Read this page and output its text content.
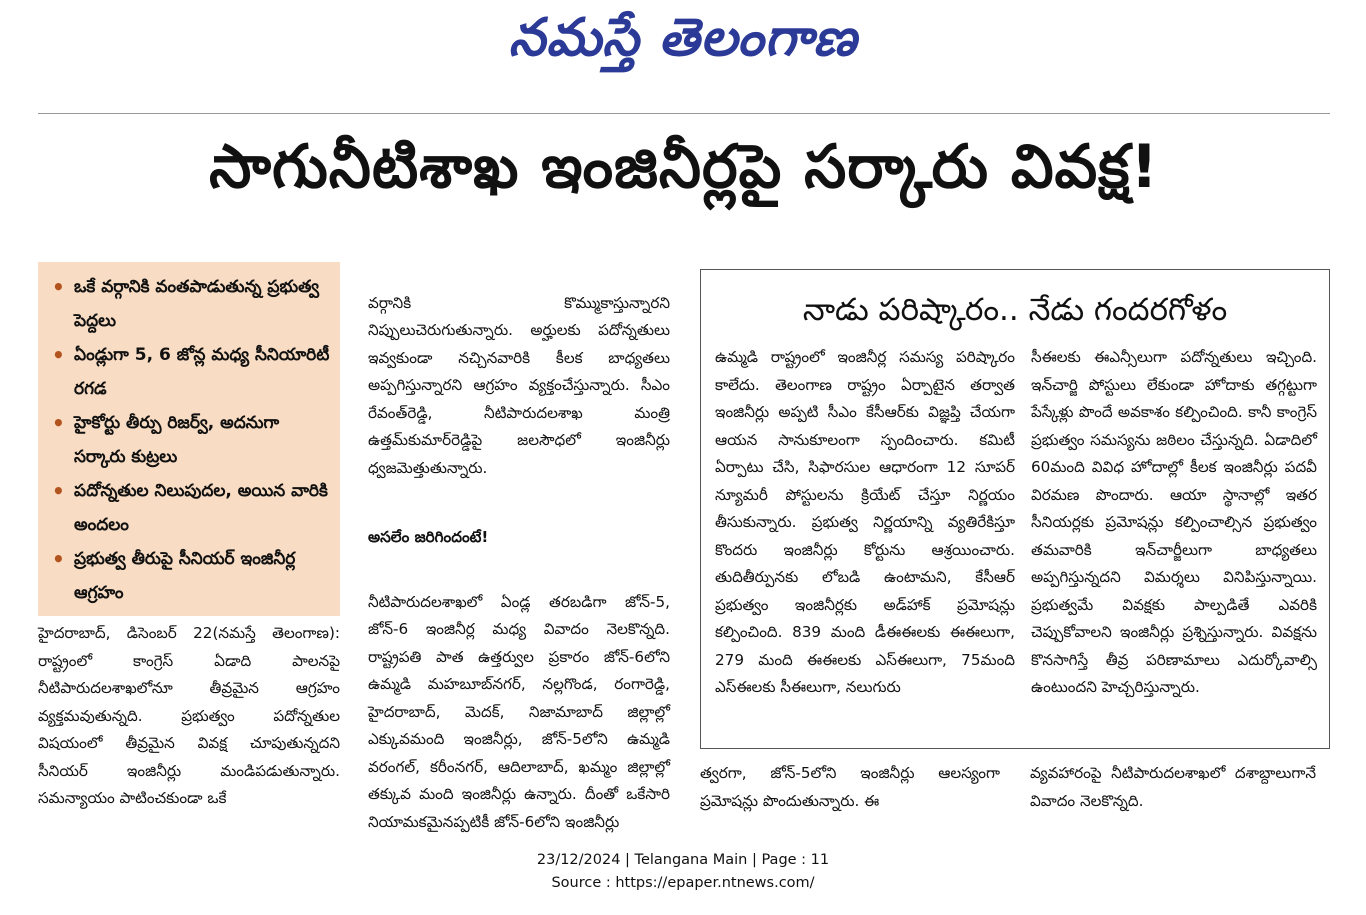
నమస్తే తెలంగాణ
సాగునీటిశాఖ ఇంజినీర్లపై సర్కారు వివక్ష!
• ఒకే వర్గానికి వంతపాడుతున్న ప్రభుత్వ పెద్దలు
• ఏండ్లుగా 5, 6 జోన్ల మధ్య సీనియారిటీ రగడ
• హైకోర్టు తీర్పు రిజర్వ్, అదనుగా సర్కారు కుట్రలు
• పదోన్నతుల నిలుపుదల, అయిన వారికి అందలం
• ప్రభుత్వ తీరుపై సీనియర్ ఇంజినీర్ల ఆగ్రహం
హైదరాబాద్, డిసెంబర్ 22(నమస్తే తెలంగాణ): రాష్ట్రంలో కాంగ్రెస్ ఏడాది పాలనపై నీటిపారుదలశాఖలోనూ తీవ్రమైన ఆగ్రహం వ్యక్తమవుతున్నది. ప్రభుత్వం పదోన్నతుల విషయంలో తీవ్రమైన వివక్ష చూపుతున్నదని సీనియర్ ఇంజినీర్లు మండిపడుతున్నారు. సమన్యాయం పాటించకుండా ఒకే

వర్గానికి కొమ్ముకాస్తున్నారని నిప్పులుచెరుగుతున్నారు. అర్హులకు పదోన్నతులు ఇవ్వకుండా నచ్చినవారికి కీలక బాధ్యతలు అప్పగిస్తున్నారని ఆగ్రహం వ్యక్తంచేస్తున్నారు. సీఎం రేవంత్‌రెడ్డి, నీటిపారుదలశాఖ మంత్రి ఉత్తమ్‌కుమార్‌రెడ్డిపై జలసౌధలో ఇంజినీర్లు ధ్వజమెత్తుతున్నారు.

అసలేం జరిగిందంటే!

నీటిపారుదలశాఖలో ఏండ్ల తరబడిగా జోన్-5, జోన్-6 ఇంజినీర్ల మధ్య వివాదం నెలకొన్నది. రాష్ట్రపతి పాత ఉత్తర్వుల ప్రకారం జోన్-6లోని ఉమ్మడి మహబూబ్‌నగర్, నల్లగొండ, రంగారెడ్డి, హైదరాబాద్, మెదక్, నిజామాబాద్ జిల్లాల్లో ఎక్కువమంది ఇంజినీర్లు, జోన్-5లోని ఉమ్మడి వరంగల్, కరీంనగర్, ఆదిలాబాద్, ఖమ్మం జిల్లాల్లో తక్కువ మంది ఇంజినీర్లు ఉన్నారు. దీంతో ఒకేసారి నియామకమైనప్పటికీ జోన్-6లోని ఇంజినీర్లు

నాడు పరిష్కారం.. నేడు గందరగోళం
ఉమ్మడి రాష్ట్రంలో ఇంజినీర్ల సమస్య పరిష్కారం కాలేదు. తెలంగాణ రాష్ట్రం ఏర్పాటైన తర్వాత ఇంజినీర్లు అప్పటి సీఎం కేసీఆర్‌కు విజ్ఞప్తి చేయగా ఆయన సానుకూలంగా స్పందించారు. కమిటీ ఏర్పాటు చేసి, సిఫారసుల ఆధారంగా 12 సూపర్ న్యూమరీ పోస్టులను క్రియేట్ చేస్తూ నిర్ణయం తీసుకున్నారు. ప్రభుత్వ నిర్ణయాన్ని వ్యతిరేకిస్తూ కొందరు ఇంజినీర్లు కోర్టును ఆశ్రయించారు. తుదితీర్పునకు లోబడి ఉంటామని, కేసీఆర్ ప్రభుత్వం ఇంజినీర్లకు అడ్‌హాక్ ప్రమోషన్లు కల్పించింది. 839 మంది డీఈఈలకు ఈఈలుగా, 279 మంది ఈఈలకు ఎస్‌ఈలుగా, 75మంది ఎస్‌ఈలకు సీఈలుగా, నలుగురు
సీఈలకు ఈఎన్సీలుగా పదోన్నతులు ఇచ్చింది. ఇన్‌చార్జి పోస్టులు లేకుండా హోదాకు తగ్గట్టుగా పేస్కేళ్లు పొందే అవకాశం కల్పించింది. కానీ కాంగ్రెస్ ప్రభుత్వం సమస్యను జఠిలం చేస్తున్నది. ఏడాదిలో 60మంది వివిధ హోదాల్లో కీలక ఇంజినీర్లు పదవీ విరమణ పొందారు. ఆయా స్థానాల్లో ఇతర సీనియర్లకు ప్రమోషన్లు కల్పించాల్సిన ప్రభుత్వం తమవారికి ఇన్‌చార్జీలుగా బాధ్యతలు అప్పగిస్తున్నదని విమర్శలు వినిపిస్తున్నాయి. ప్రభుత్వమే వివక్షకు పాల్పడితే ఎవరికి చెప్పుకోవాలని ఇంజినీర్లు ప్రశ్నిస్తున్నారు. వివక్షను కొనసాగిస్తే తీవ్ర పరిణామాలు ఎదుర్కోవాల్సి ఉంటుందని హెచ్చరిస్తున్నారు.
త్వరగా, జోన్-5లోని ఇంజినీర్లు ఆలస్యంగా ప్రమోషన్లు పొందుతున్నారు. ఈ
వ్యవహారంపై నీటిపారుదలశాఖలో దశాబ్దాలుగానే వివాదం నెలకొన్నది.
23/12/2024 | Telangana Main | Page : 11
Source : https://epaper.ntnews.com/
